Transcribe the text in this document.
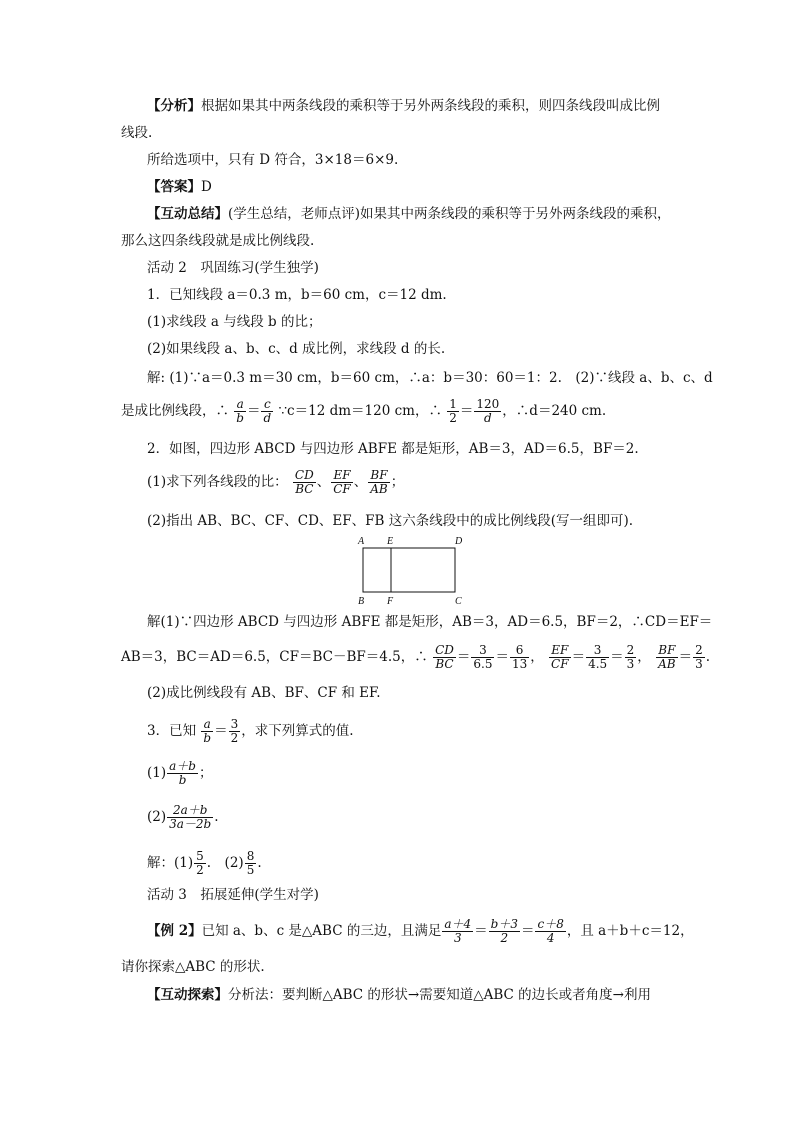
【分析】根据如果其中两条线段的乘积等于另外两条线段的乘积，则四条线段叫成比例
线段.
所给选项中，只有 D 符合，3×18＝6×9.
【答案】D
【互动总结】(学生总结，老师点评)如果其中两条线段的乘积等于另外两条线段的乘积，
那么这四条线段就是成比例线段.
活动 2　巩固练习(学生独学)
1．已知线段 a＝0.3 m，b＝60 cm，c＝12 dm.
(1)求线段 a 与线段 b 的比；
(2)如果线段 a、b、c、d 成比例，求线段 d 的长.
解: (1)∵a＝0.3 m＝30 cm，b＝60 cm，∴a：b＝30：60＝1：2.　(2)∵线段 a、b、c、d
是成比例线段，∴ $\frac{a}{b} = \frac{c}{d}$ ∵c＝12 dm＝120 cm，∴ $\frac{1}{2} = \frac{120}{d}$ ，∴d＝240 cm.
2．如图，四边形 ABCD 与四边形 ABFE 都是矩形，AB＝3，AD＝6.5，BF＝2.
(1)求下列各线段的比： $\frac{CD}{BC}$ 、 $\frac{EF}{CF}$ 、 $\frac{BF}{AB}$ ；
(2)指出 AB、BC、CF、CD、EF、FB 这六条线段中的成比例线段(写一组即可).
A E	D
B F	C
解(1)∵四边形 ABCD 与四边形 ABFE 都是矩形，AB＝3，AD＝6.5，BF＝2，∴CD＝EF＝
AB＝3，BC＝AD＝6.5，CF＝BC－BF＝4.5，∴ $\frac{CD}{BC} = \frac{3}{6.5} = \frac{6}{13}$ ， $\frac{EF}{CF} = \frac{3}{4.5} = \frac{2}{3}$ ， $\frac{BF}{AB} = \frac{2}{3}$ .
(2)成比例线段有 AB、BF、CF 和 EF.
3．已知 $\frac{a}{b} = \frac{3}{2}$ ，求下列算式的值.
$(1) \frac{a+b}{b}$ ；
$(2) \frac{2a+b}{3a-2b}$ .
解：$(1) \frac{5}{2}$ .　$(2) \frac{8}{5}$ .
活动 3　拓展延伸(学生对学)
【例 2】已知 a、b、c 是△ABC 的三边，且满足 $\frac{a+4}{3} = \frac{b+3}{2} = \frac{c+8}{4}$ ，且 a＋b＋c＝12，
请你探索△ABC 的形状.
【互动探索】分析法：要判断△ABC 的形状→需要知道△ABC 的边长或者角度→利用
